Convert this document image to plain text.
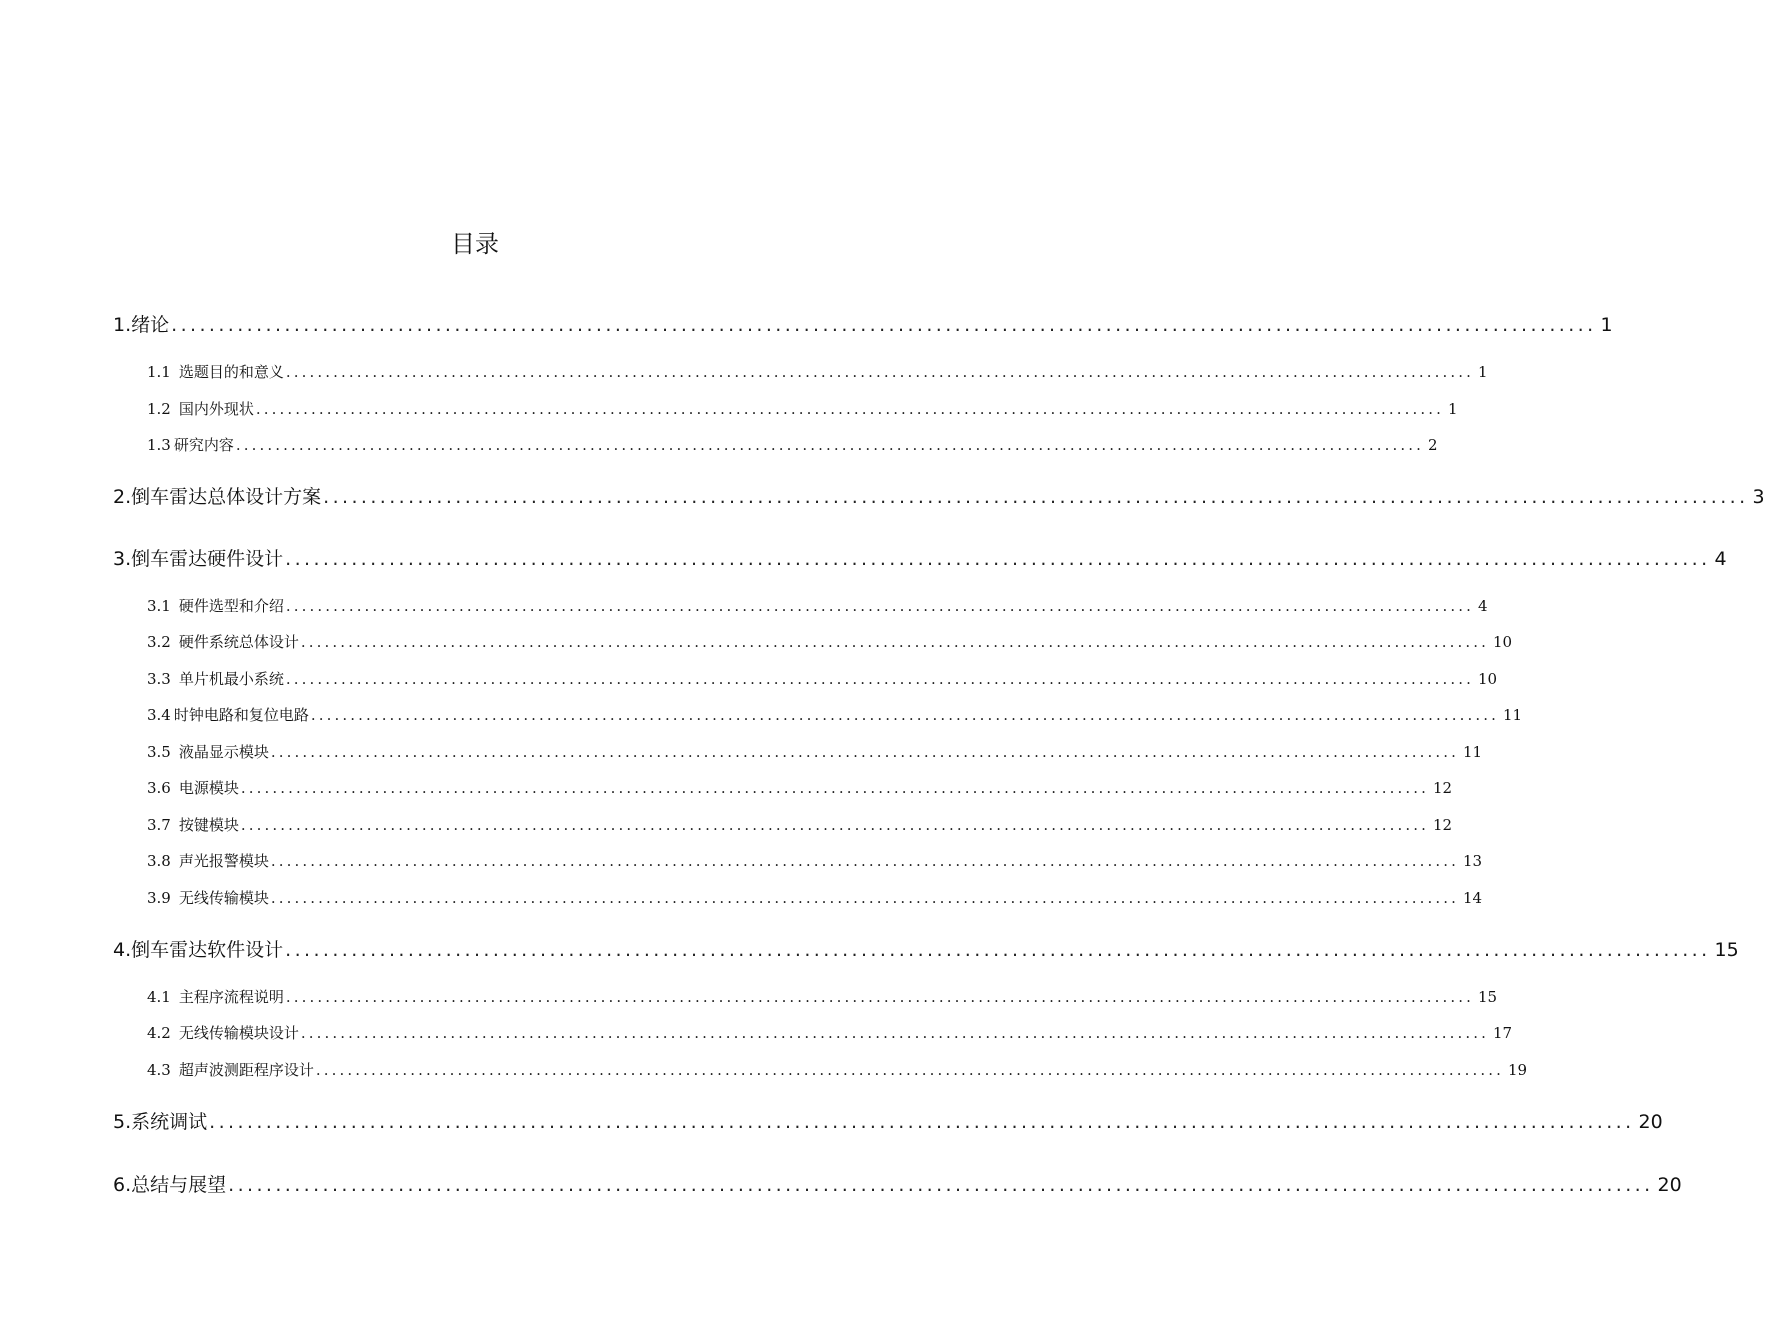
目录
1. 绪论 ....................................................................................................................................................... 1
1.1 选题目的和意义 ....................................................................................................................................................... 1
1.2 国内外现状 ....................................................................................................................................................... 1
1.3 研究内容 ....................................................................................................................................................... 2
2. 倒车雷达总体设计方案 ....................................................................................................................................................... 3
3. 倒车雷达硬件设计 ....................................................................................................................................................... 4
3.1 硬件选型和介绍 ....................................................................................................................................................... 4
3.2 硬件系统总体设计 ....................................................................................................................................................... 10
3.3 单片机最小系统 ....................................................................................................................................................... 10
3.4 时钟电路和复位电路 ....................................................................................................................................................... 11
3.5 液晶显示模块 ....................................................................................................................................................... 11
3.6 电源模块 ....................................................................................................................................................... 12
3.7 按键模块 ....................................................................................................................................................... 12
3.8 声光报警模块 ....................................................................................................................................................... 13
3.9 无线传输模块 ....................................................................................................................................................... 14
4. 倒车雷达软件设计 ....................................................................................................................................................... 15
4.1 主程序流程说明 ....................................................................................................................................................... 15
4.2 无线传输模块设计 ....................................................................................................................................................... 17
4.3 超声波测距程序设计 ....................................................................................................................................................... 19
5. 系统调试 ....................................................................................................................................................... 20
6. 总结与展望 ....................................................................................................................................................... 20
